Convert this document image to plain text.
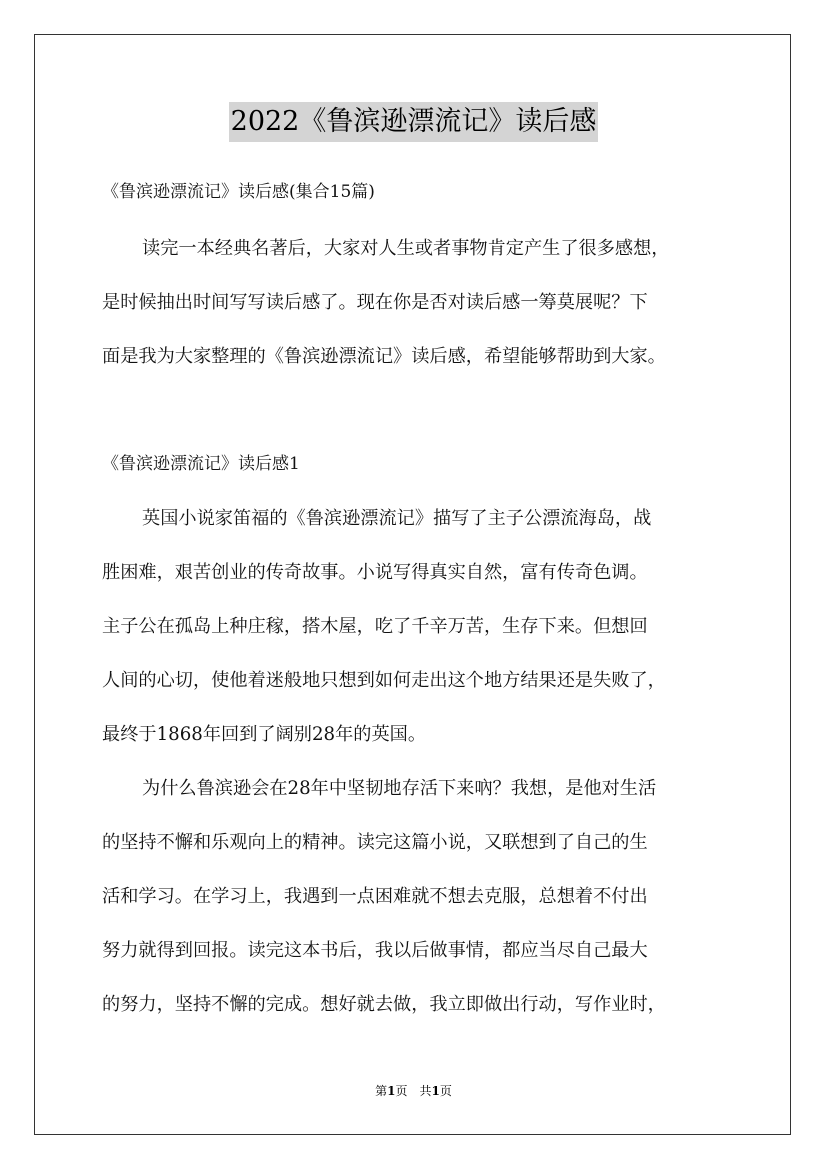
2022《鲁滨逊漂流记》读后感
《鲁滨逊漂流记》读后感(集合15篇)
读完一本经典名著后，大家对人生或者事物肯定产生了很多感想，
是时候抽出时间写写读后感了。现在你是否对读后感一筹莫展呢？下
面是我为大家整理的《鲁滨逊漂流记》读后感，希望能够帮助到大家。
《鲁滨逊漂流记》读后感1
英国小说家笛福的《鲁滨逊漂流记》描写了主子公漂流海岛，战
胜困难，艰苦创业的传奇故事。小说写得真实自然，富有传奇色调。
主子公在孤岛上种庄稼，搭木屋，吃了千辛万苦，生存下来。但想回
人间的心切，使他着迷般地只想到如何走出这个地方结果还是失败了，
最终于1868年回到了阔别28年的英国。
为什么鲁滨逊会在28年中坚韧地存活下来吶？我想，是他对生活
的坚持不懈和乐观向上的精神。读完这篇小说，又联想到了自己的生
活和学习。在学习上，我遇到一点困难就不想去克服，总想着不付出
努力就得到回报。读完这本书后，我以后做事情，都应当尽自己最大
的努力，坚持不懈的完成。想好就去做，我立即做出行动，写作业时，
第1页　共1页
